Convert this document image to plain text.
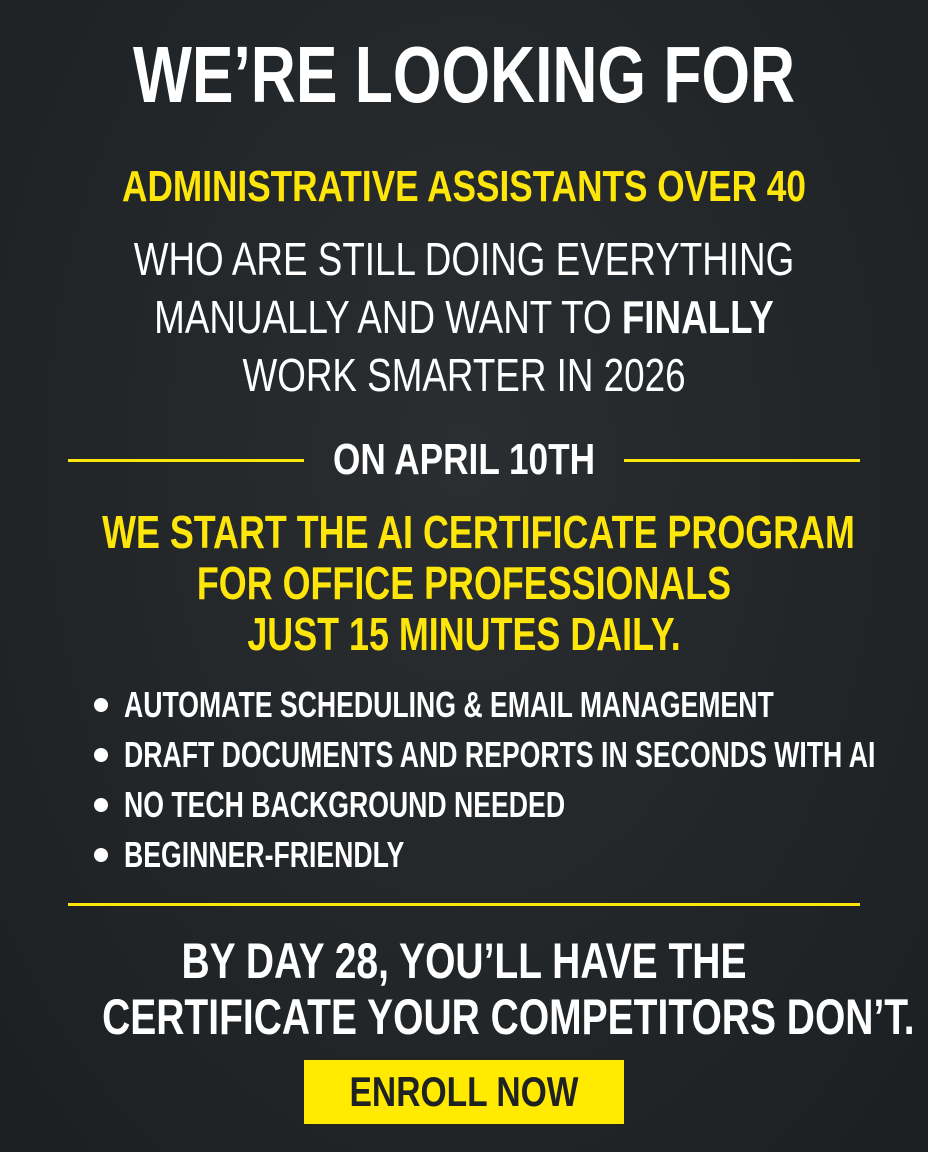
WE’RE LOOKING FOR
ADMINISTRATIVE ASSISTANTS OVER 40
WHO ARE STILL DOING EVERYTHING
MANUALLY AND WANT TO FINALLY
WORK SMARTER IN 2026
ON APRIL 10TH
WE START THE AI CERTIFICATE PROGRAM
FOR OFFICE PROFESSIONALS
JUST 15 MINUTES DAILY.
AUTOMATE SCHEDULING & EMAIL MANAGEMENT
DRAFT DOCUMENTS AND REPORTS IN SECONDS WITH AI
NO TECH BACKGROUND NEEDED
BEGINNER-FRIENDLY
BY DAY 28, YOU’LL HAVE THE
CERTIFICATE YOUR COMPETITORS DON’T.
ENROLL NOW
